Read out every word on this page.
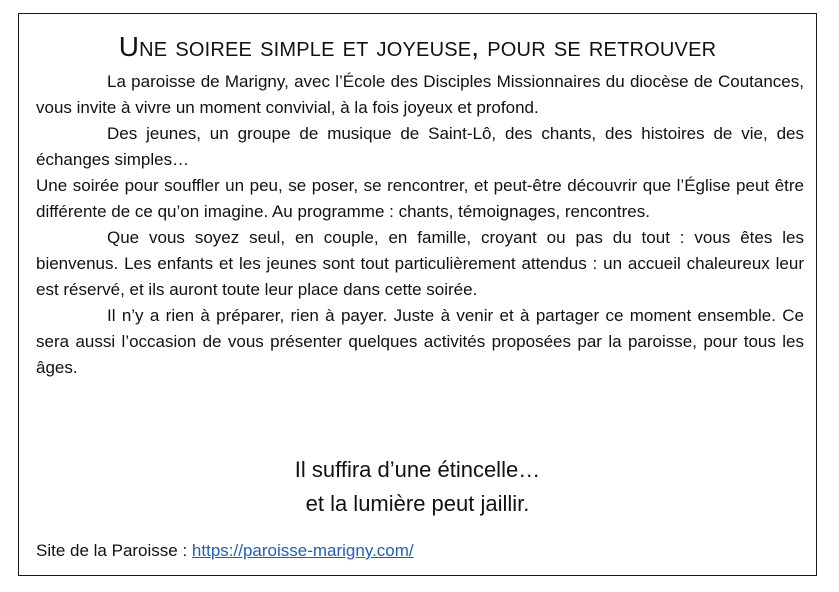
Une soiree simple et joyeuse, pour se retrouver

La paroisse de Marigny, avec l’École des Disciples Missionnaires du diocèse de Coutances, vous invite à vivre un moment convivial, à la fois joyeux et profond.

Des jeunes, un groupe de musique de Saint-Lô, des chants, des histoires de vie, des échanges simples…

Une soirée pour souffler un peu, se poser, se rencontrer, et peut-être découvrir que l’Église peut être différente de ce qu’on imagine. Au programme : chants, témoignages, rencontres.

Que vous soyez seul, en couple, en famille, croyant ou pas du tout : vous êtes les bienvenus. Les enfants et les jeunes sont tout particulièrement attendus : un accueil chaleureux leur est réservé, et ils auront toute leur place dans cette soirée.

Il n’y a rien à préparer, rien à payer. Juste à venir et à partager ce moment ensemble. Ce sera aussi l’occasion de vous présenter quelques activités proposées par la paroisse, pour tous les âges.

Il suffira d’une étincelle…
et la lumière peut jaillir.
Site de la Paroisse : https://paroisse-marigny.com/
